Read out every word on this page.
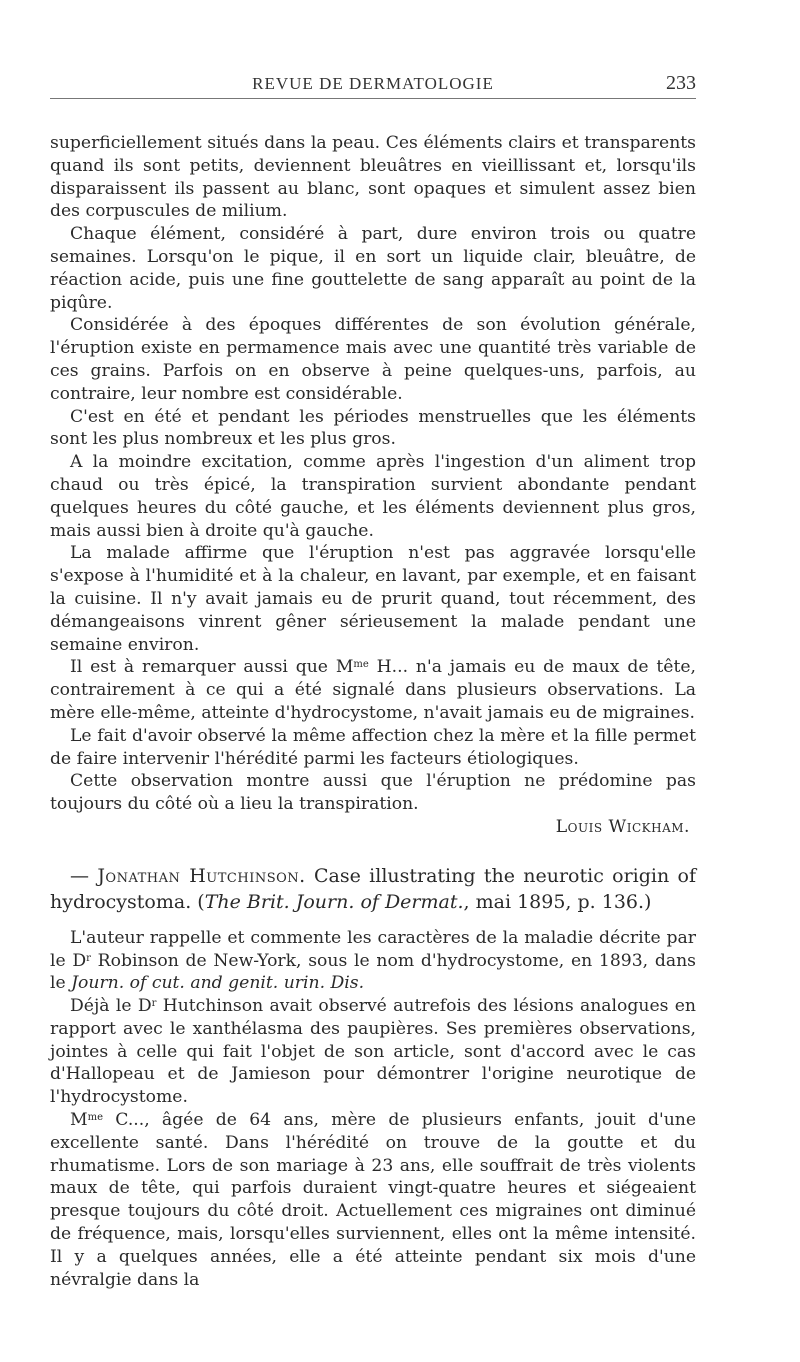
REVUE DE DERMATOLOGIE	233

superficiellement situés dans la peau. Ces éléments clairs et transparents quand ils sont petits, deviennent bleuâtres en vieillissant et, lorsqu'ils disparaissent ils passent au blanc, sont opaques et simulent assez bien des corpuscules de milium.

Chaque élément, considéré à part, dure environ trois ou quatre semaines. Lorsqu'on le pique, il en sort un liquide clair, bleuâtre, de réaction acide, puis une fine gouttelette de sang apparaît au point de la piqûre.

Considérée à des époques différentes de son évolution générale, l'éruption existe en permamence mais avec une quantité très variable de ces grains. Parfois on en observe à peine quelques-uns, parfois, au contraire, leur nombre est considérable.

C'est en été et pendant les périodes menstruelles que les éléments sont les plus nombreux et les plus gros.

A la moindre excitation, comme après l'ingestion d'un aliment trop chaud ou très épicé, la transpiration survient abondante pendant quelques heures du côté gauche, et les éléments deviennent plus gros, mais aussi bien à droite qu'à gauche.

La malade affirme que l'éruption n'est pas aggravée lorsqu'elle s'expose à l'humidité et à la chaleur, en lavant, par exemple, et en faisant la cuisine. Il n'y avait jamais eu de prurit quand, tout récemment, des démangeaisons vinrent gêner sérieusement la malade pendant une semaine environ.

Il est à remarquer aussi que $M^{me}$ H... n'a jamais eu de maux de tête, contrairement à ce qui a été signalé dans plusieurs observations. La mère elle-même, atteinte d'hydrocystome, n'avait jamais eu de migraines.

Le fait d'avoir observé la même affection chez la mère et la fille permet de faire intervenir l'hérédité parmi les facteurs étiologiques.

Cette observation montre aussi que l'éruption ne prédomine pas toujours du côté où a lieu la transpiration.

Louis Wickham.

— Jonathan Hutchinson. Case illustrating the neurotic origin of hydrocystoma. (The Brit. Journ. of Dermat., mai 1895, p. 136.)

L'auteur rappelle et commente les caractères de la maladie décrite par le $D^r$ Robinson de New-York, sous le nom d'hydrocystome, en 1893, dans le Journ. of cut. and genit. urin. Dis.

Déjà le $D^r$ Hutchinson avait observé autrefois des lésions analogues en rapport avec le xanthélasma des paupières. Ses premières observations, jointes à celle qui fait l'objet de son article, sont d'accord avec le cas d'Hallopeau et de Jamieson pour démontrer l'origine neurotique de l'hydrocystome.

$M^{me}$ C..., âgée de 64 ans, mère de plusieurs enfants, jouit d'une excellente santé. Dans l'hérédité on trouve de la goutte et du rhumatisme. Lors de son mariage à 23 ans, elle souffrait de très violents maux de tête, qui parfois duraient vingt-quatre heures et siégeaient presque toujours du côté droit. Actuellement ces migraines ont diminué de fréquence, mais, lorsqu'elles surviennent, elles ont la même intensité. Il y a quelques années, elle a été atteinte pendant six mois d'une névralgie dans la
